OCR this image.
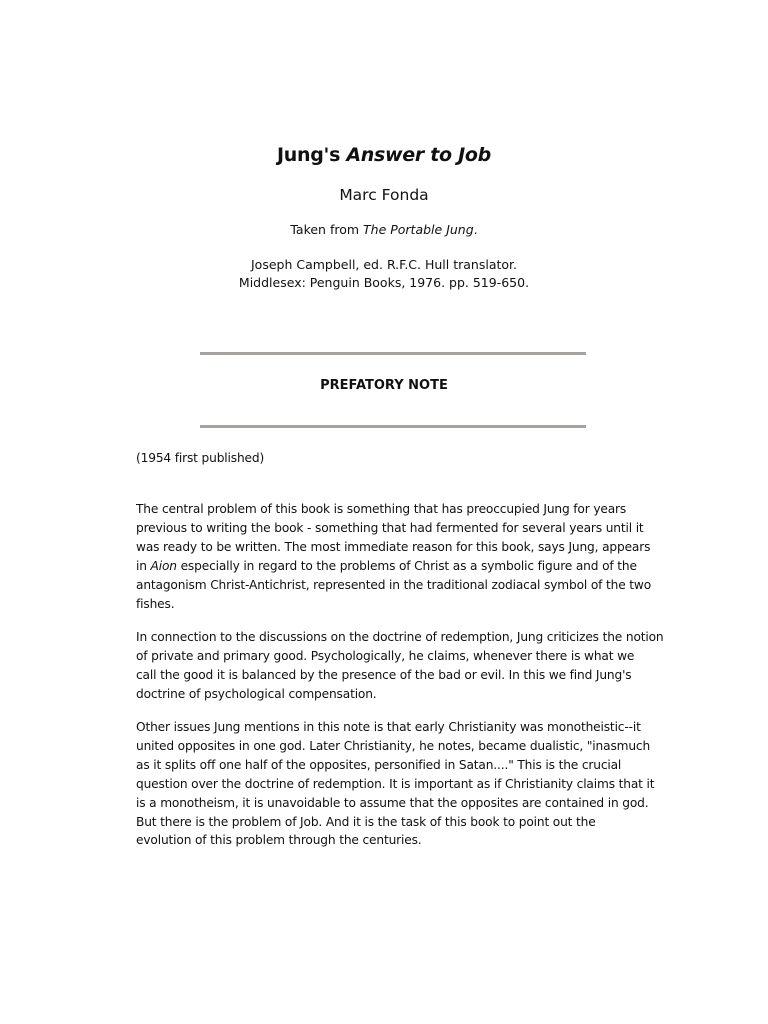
Jung's Answer to Job
Marc Fonda
Taken from The Portable Jung.
Joseph Campbell, ed. R.F.C. Hull translator.
Middlesex: Penguin Books, 1976. pp. 519-650.
PREFATORY NOTE
(1954 first published)
The central problem of this book is something that has preoccupied Jung for years
previous to writing the book - something that had fermented for several years until it
was ready to be written. The most immediate reason for this book, says Jung, appears
in Aion especially in regard to the problems of Christ as a symbolic figure and of the
antagonism Christ-Antichrist, represented in the traditional zodiacal symbol of the two
fishes.
In connection to the discussions on the doctrine of redemption, Jung criticizes the notion
of private and primary good. Psychologically, he claims, whenever there is what we
call the good it is balanced by the presence of the bad or evil. In this we find Jung's
doctrine of psychological compensation.
Other issues Jung mentions in this note is that early Christianity was monotheistic--it
united opposites in one god. Later Christianity, he notes, became dualistic, "inasmuch
as it splits off one half of the opposites, personified in Satan...." This is the crucial
question over the doctrine of redemption. It is important as if Christianity claims that it
is a monotheism, it is unavoidable to assume that the opposites are contained in god.
But there is the problem of Job. And it is the task of this book to point out the
evolution of this problem through the centuries.
